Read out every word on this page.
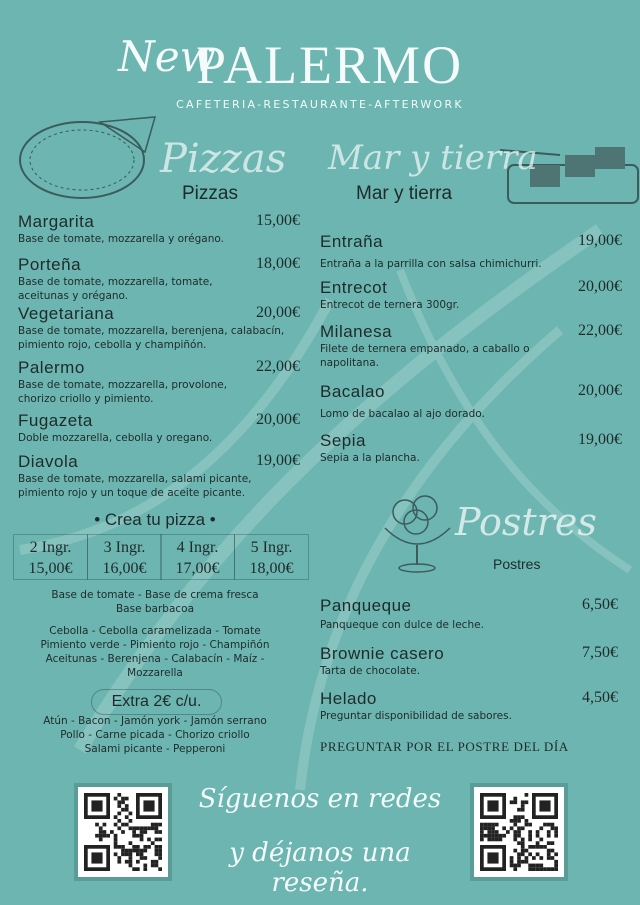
New
PALERMO
CAFETERIA-RESTAURANTE-AFTERWORK
Pizzas
Pizzas
Margarita	15,00€
Base de tomate, mozzarella y orégano.
Porteña	18,00€
Base de tomate, mozzarella, tomate, aceitunas y orégano.
Vegetariana	20,00€
Base de tomate, mozzarella, berenjena, calabacín, pimiento rojo, cebolla y champiñón.
Palermo	22,00€
Base de tomate, mozzarella, provolone, chorizo criollo y pimiento.
Fugazeta	20,00€
Doble mozzarella, cebolla y oregano.
Diavola	19,00€
Base de tomate, mozzarella, salami picante, pimiento rojo y un toque de aceite picante.
• Crea tu pizza •
2 Ingr.
15,00€
3 Ingr.
16,00€
4 Ingr.
17,00€
5 Ingr.
18,00€
Base de tomate - Base de crema fresca
Base barbacoa
Cebolla - Cebolla caramelizada - Tomate
Pimiento verde - Pimiento rojo - Champiñón
Aceitunas - Berenjena - Calabacín - Maíz -
Mozzarella
Extra 2€ c/u.
Atún - Bacon - Jamón york - Jamón serrano
Pollo - Carne picada - Chorizo criollo
Salami picante - Pepperoni
Mar y tierra
Mar y tierra
Entraña	19,00€
Entraña a la parrilla con salsa chimichurri.
Entrecot	20,00€
Entrecot de ternera 300gr.
Milanesa	22,00€
Filete de ternera empanado, a caballo o napolitana.
Bacalao	20,00€
Lomo de bacalao al ajo dorado.
Sepia	19,00€
Sepia a la plancha.
Postres
Postres
Panqueque	6,50€
Panqueque con dulce de leche.
Brownie casero	7,50€
Tarta de chocolate.
Helado	4,50€
Preguntar disponibilidad de sabores.
PREGUNTAR POR EL POSTRE DEL DÍA
Síguenos en redes
y déjanos una reseña.
